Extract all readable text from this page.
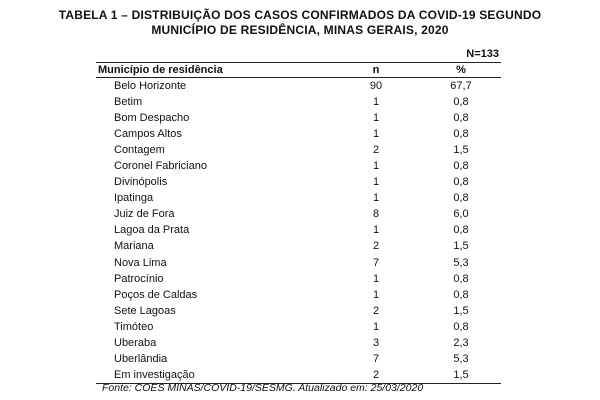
TABELA 1 – DISTRIBUIÇÃO DOS CASOS CONFIRMADOS DA COVID-19 SEGUNDO
MUNICÍPIO DE RESIDÊNCIA, MINAS GERAIS, 2020
N=133
Município de residência	n	%
Belo Horizonte	90	67,7
Betim	1	0,8
Bom Despacho	1	0,8
Campos Altos	1	0,8
Contagem	2	1,5
Coronel Fabriciano	1	0,8
Divinópolis	1	0,8
Ipatinga	1	0,8
Juiz de Fora	8	6,0
Lagoa da Prata	1	0,8
Mariana	2	1,5
Nova Lima	7	5,3
Patrocínio	1	0,8
Poços de Caldas	1	0,8
Sete Lagoas	2	1,5
Timóteo	1	0,8
Uberaba	3	2,3
Uberlândia	7	5,3
Em investigação	2	1,5
Fonte: COES MINAS/COVID-19/SESMG. Atualizado em: 25/03/2020
